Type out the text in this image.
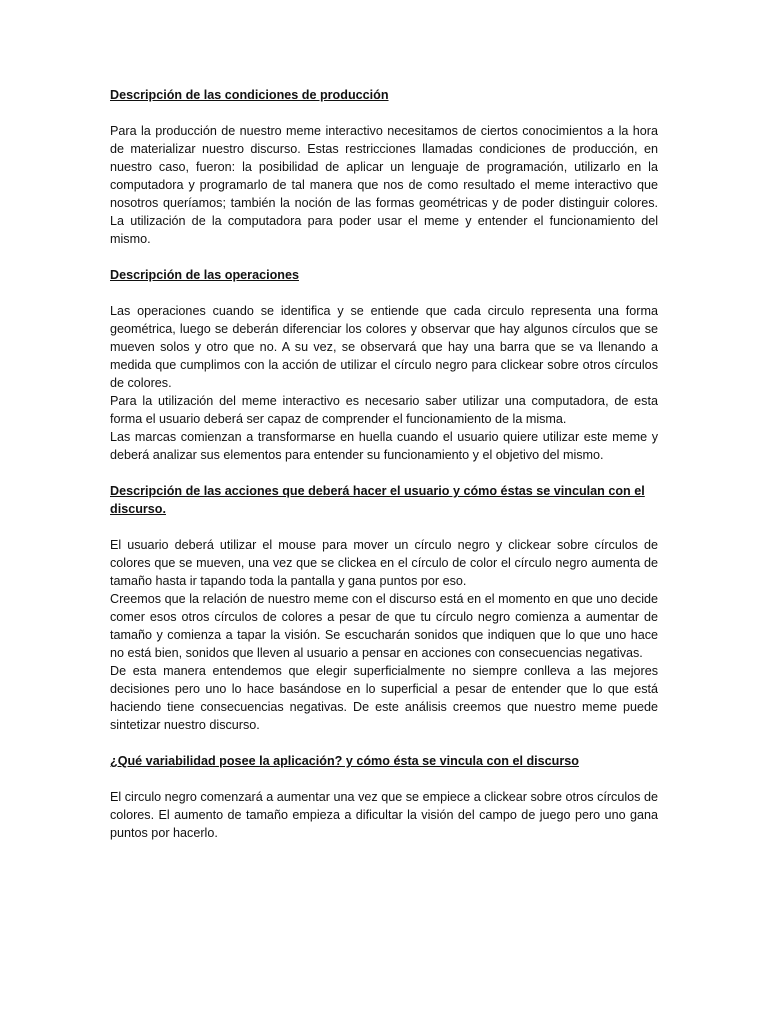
Descripción de las condiciones de producción

Para la producción de nuestro meme interactivo necesitamos de ciertos conocimientos a la hora de materializar nuestro discurso. Estas restricciones llamadas condiciones de producción, en nuestro caso, fueron: la posibilidad de aplicar un lenguaje de programación, utilizarlo en la computadora y programarlo de tal manera que nos de como resultado el meme interactivo que nosotros queríamos; también la noción de las formas geométricas y de poder distinguir colores. La utilización de la computadora para poder usar el meme y entender el funcionamiento del mismo.

Descripción de las operaciones

Las operaciones cuando se identifica y se entiende que cada circulo representa una forma geométrica, luego se deberán diferenciar los colores y observar que hay algunos círculos que se mueven solos y otro que no. A su vez, se observará que hay una barra que se va llenando a medida que cumplimos con la acción de utilizar el círculo negro para clickear sobre otros círculos de colores.

Para la utilización del meme interactivo es necesario saber utilizar una computadora, de esta forma el usuario deberá ser capaz de comprender el funcionamiento de la misma.

Las marcas comienzan a transformarse en huella cuando el usuario quiere utilizar este meme y deberá analizar sus elementos para entender su funcionamiento y el objetivo del mismo.

Descripción de las acciones que deberá hacer el usuario y cómo éstas se vinculan con el discurso.

El usuario deberá utilizar el mouse para mover un círculo negro y clickear sobre círculos de colores que se mueven, una vez que se clickea en el círculo de color el círculo negro aumenta de tamaño hasta ir tapando toda la pantalla y gana puntos por eso.

Creemos que la relación de nuestro meme con el discurso está en el momento en que uno decide comer esos otros círculos de colores a pesar de que tu círculo negro comienza a aumentar de tamaño y comienza a tapar la visión. Se escucharán sonidos que indiquen que lo que uno hace no está bien, sonidos que lleven al usuario a pensar en acciones con consecuencias negativas.

De esta manera entendemos que elegir superficialmente no siempre conlleva a las mejores decisiones pero uno lo hace basándose en lo superficial a pesar de entender que lo que está haciendo tiene consecuencias negativas. De este análisis creemos que nuestro meme puede sintetizar nuestro discurso.

¿Qué variabilidad posee la aplicación? y cómo ésta se vincula con el discurso

El circulo negro comenzará a aumentar una vez que se empiece a clickear sobre otros círculos de colores. El aumento de tamaño empieza a dificultar la visión del campo de juego pero uno gana puntos por hacerlo.
